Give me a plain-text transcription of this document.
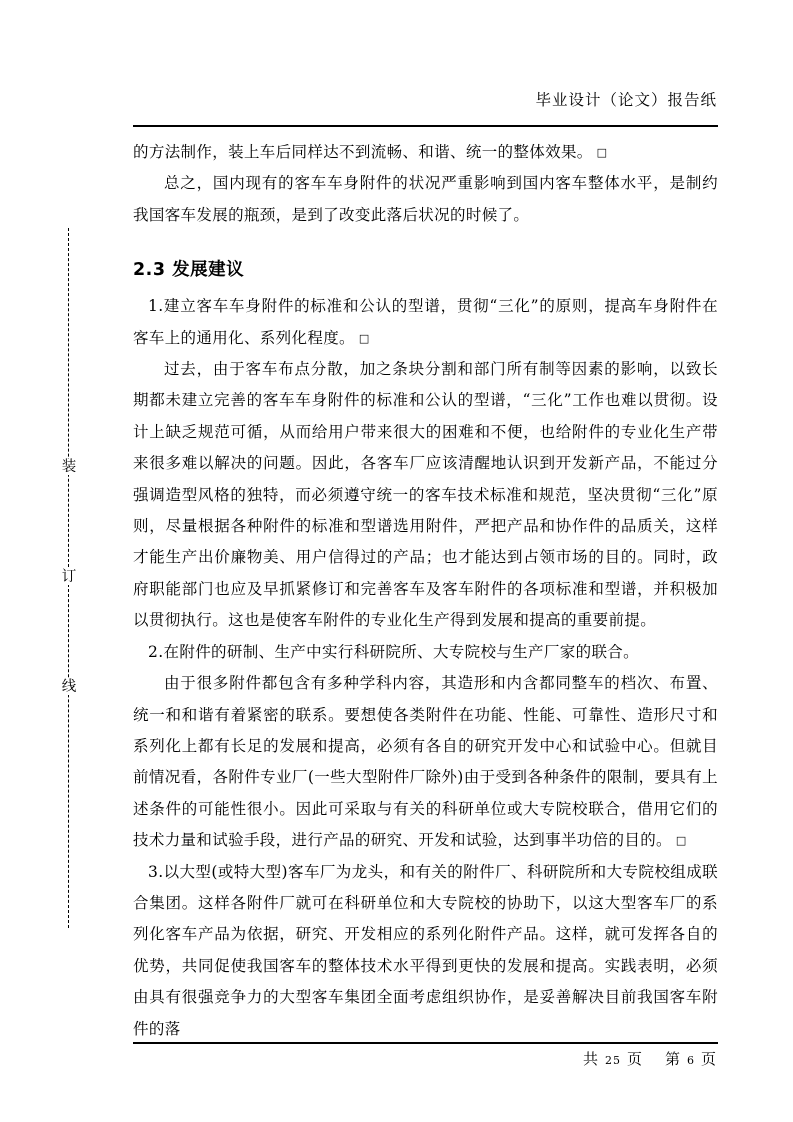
毕业设计（论文）报告纸
装
订
线

的方法制作，装上车后同样达不到流畅、和谐、统一的整体效果。 □

总之，国内现有的客车车身附件的状况严重影响到国内客车整体水平，是制约我国客车发展的瓶颈，是到了改变此落后状况的时候了。

2.3 发展建议

1.建立客车车身附件的标准和公认的型谱，贯彻“三化”的原则，提高车身附件在客车上的通用化、系列化程度。 □

过去，由于客车布点分散，加之条块分割和部门所有制等因素的影响，以致长期都未建立完善的客车车身附件的标准和公认的型谱，“三化”工作也难以贯彻。设计上缺乏规范可循，从而给用户带来很大的困难和不便，也给附件的专业化生产带来很多难以解决的问题。因此，各客车厂应该清醒地认识到开发新产品，不能过分强调造型风格的独特，而必须遵守统一的客车技术标准和规范，坚决贯彻“三化”原则，尽量根据各种附件的标准和型谱选用附件，严把产品和协作件的品质关，这样才能生产出价廉物美、用户信得过的产品；也才能达到占领市场的目的。同时，政府职能部门也应及早抓紧修订和完善客车及客车附件的各项标准和型谱，并积极加以贯彻执行。这也是使客车附件的专业化生产得到发展和提高的重要前提。

2.在附件的研制、生产中实行科研院所、大专院校与生产厂家的联合。

由于很多附件都包含有多种学科内容，其造形和内含都同整车的档次、布置、统一和和谐有着紧密的联系。要想使各类附件在功能、性能、可靠性、造形尺寸和系列化上都有长足的发展和提高，必须有各自的研究开发中心和试验中心。但就目前情况看，各附件专业厂(一些大型附件厂除外)由于受到各种条件的限制，要具有上述条件的可能性很小。因此可采取与有关的科研单位或大专院校联合，借用它们的技术力量和试验手段，进行产品的研究、开发和试验，达到事半功倍的目的。 □

3.以大型(或特大型)客车厂为龙头，和有关的附件厂、科研院所和大专院校组成联合集团。这样各附件厂就可在科研单位和大专院校的协助下，以这大型客车厂的系列化客车产品为依据，研究、开发相应的系列化附件产品。这样，就可发挥各自的优势，共同促使我国客车的整体技术水平得到更快的发展和提高。实践表明，必须由具有很强竞争力的大型客车集团全面考虑组织协作，是妥善解决目前我国客车附件的落

共 25 页 第 6 页
